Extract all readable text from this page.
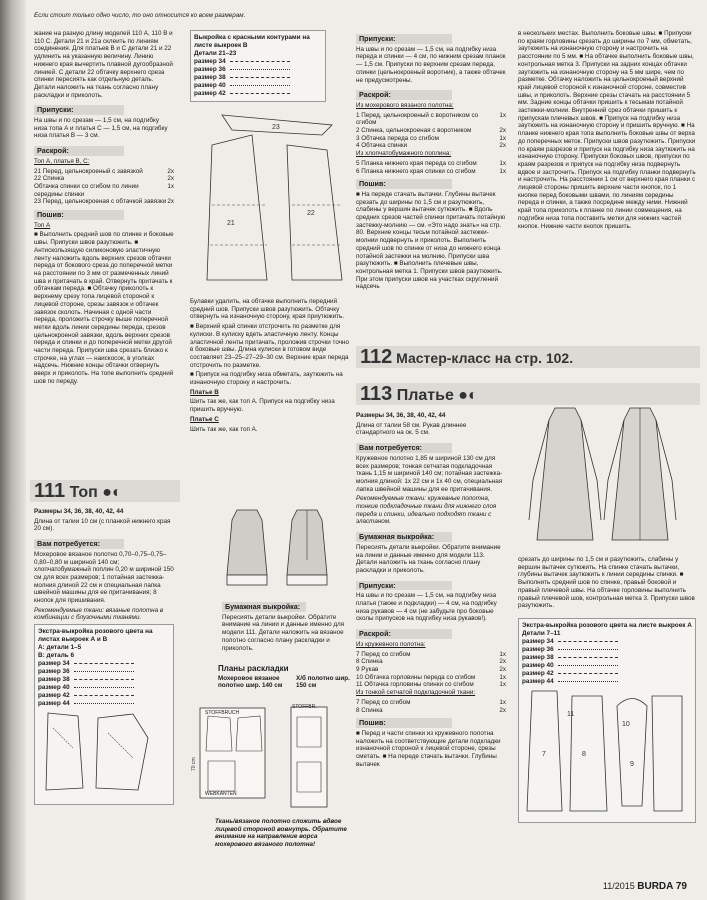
Если стоит только одно число, то оно относится ко всем размерам.

жание на разную длину моделей 110 А, 110 В и 110 С. Детали 21 и 21а склеить по линиям соединения. Для платьев В и С детали 21 и 22 удлинить на указанную величину. Линию нижнего края вычертить плавной дугообразной линией. С детали 22 обтачку верхнего среза спинки пересиять как отдельную деталь. Детали наложить на ткань согласно плану раскладки и приколоть.

Припуски:

На швы и по срезам — 1,5 см, на подгибку низа топа А и платья С — 1,5 см, на подгибку низа платья В — 3 см.

Раскрой:

Топ А, платья В, С:

21 Перед, цельнокроеный с завязкой	2x
22 Спинка	2x
Обтачка спинки со сгибом по линии середины спинки
1x
23 Перед, цельнокроеная с обтачкой завязки 2x
Пошив:

Топ А

■ Выполнить средний шов по спинке и боковые швы. Припуски швов разутюжить. ■ Антискользящую силиконовую эластичную ленту наложить вдоль верхних срезов обтачки переда от бокового среза до поперечной метки на расстоянии по 3 мм от размеченных линий шва и притачать в край. Отвернуть притачать к обтачкам переда. ■ Обтачку приколоть к верхнему срезу топа лицевой стороной к лицевой стороне, срезы завязок и обтачек завязок сколоть. Начиная с одной части переда, проложить строчку выше поперечной метки вдоль линии середины переда, срезов цельнокроеной завязки, вдоль верхних срезов переда и спинки и до поперечной метки другой части переда. Припуски шва срезать близко к строчке, на углах — наискосок, в уголках надсечь. Нижние концы обтачки отвернуть вверх и приколоть. На топе выполнить средний шов по переду.

111 Топ ●◐

Размеры 34, 36, 38, 40, 42, 44

Длина от талии 10 см (с планкой нижнего края 20 см).

Вам потребуется:

Мохеровое вязаное полотно 0,70–0,75–0,75–0,80–0,80 м шириной 140 см; хлопчатобумажный поплин 0,20 м шириной 150 см для всех размеров; 1 потайная застежка-молния длиной 22 см и специальная лапка швейной машины для ее притачивания; 8 кнопок для пришивания.

Рекомендуемые ткани: вязаные полотна в комбинации с блузочными тканями.

Экстра-выкройка розового цвета на листах выкроек А и В
А: детали 1–5
В: деталь 6
размер 34
размер 36
размер 38
размер 40
размер 42
размер 44
Выкройка с красными контурами на листе выкроек В
Детали 21–23
размер 34
размер 36
размер 38
размер 40
размер 42
23
21
22

Булавки удалить, на обтачке выполнить передний средний шов. Припуски швов разутюжить. Обтачку отвернуть на изнаночную сторону, края приутюжить.

■ Верхний край спинки отстрочить по разметке для кулиски. В кулиску вдеть эластичную ленту. Концы эластичной ленты притачать, проложив строчки точно в боковые швы. Длина кулиски в готовом виде составляет 23–25–27–29–30 см. Верхние края переда отстрочить по разметке.

■ Припуск на подгибку низа обметать, заутюжить на изнаночную сторону и настрочить.

Платье В

Шить так же, как топ А. Припуск на подгибку низа пришить вручную.

Платье С

Шить так же, как топ А.

Бумажная выкройка:

Пересиять детали выкройки. Обратите внимание на линии и данные именно для модели 111. Детали наложить на вязаное полотно согласно плану раскладки и приколоть.

Планы раскладки

Мохеровое вязаное полотно шир. 140 см

Х/б полотно шир. 150 см

70 cm
STOFFBRUCH
WEBKANTEN
STOFFBR.
Ткань/вязаное полотно сложить вдвое лицевой стороной вовнутрь. Обратите внимание на направление ворса мохерового вязаного полотна!
Припуски:

На швы и по срезам — 1,5 см, на подгибку низа переда и спинки — 4 см, по нижним срезам планок — 1,5 см. Припуски по верхним срезам переда, спинки (цельнокроеный воротник), а также обтачек не предусмотрены.

Раскрой:

Из мохерового вязаного полотна:

1 Перед, цельнокроеный с воротником со сгибом
1x
2 Спинка, цельнокроеная с воротником	2x
3 Обтачка переда со сгибом	1x
4 Обтачка спинки	2x

Из хлопчатобумажного поплина:

5 Планка нижнего края переда со сгибом	1x
6 Планка нижнего края спинки со сгибом	1x
Пошив:

■ На переде стачать вытачки. Глубины вытачек срезать до ширины по 1,5 см и разутюжить, слабины у вершин вытачек сутюжить. ■ Вдоль средних срезов частей спинки притачать потайную застежку-молнию — см. «Это надо знать» на стр. 80. Верхние концы тесьм потайной застежки-молнии подвернуть и приколоть. Выполнить средний шов по спинке от низа до нижнего конца потайной застежки на молнию. Припуски шва разутюжить. ■ Выполнить плечевые швы, контрольная метка 1. Припуски швов разутюжить. При этом припуски швов на участках скруглений надсечь

112 Мастер-класс на стр. 102.
113 Платье ●◐

Размеры 34, 36, 38, 40, 42, 44

Длина от талии 58 см. Рукав длиннее стандартного на ок. 5 см.

Вам потребуется:

Кружевное полотно 1,85 м шириной 130 см для всех размеров; тонкая сетчатая подкладочная ткань 1,15 м шириной 140 см; потайная застежка-молния длиной: 1х 22 см и 1х 40 см, специальная лапка швейной машины для ее притачивания.

Рекомендуемые ткани: кружевные полотна, тонкие подкладочные ткани для нижнего слоя переда и спинки, идеально подходят ткани с эластаном.

Бумажная выкройка:

Пересиять детали выкройки. Обратите внимание на линии и данные именно для модели 113. Детали наложить на ткань согласно плану раскладки и приколоть.

Припуски:

На швы и по срезам — 1,5 см, на подгибку низа платья (также и подкладки) — 4 см, на подгибку низа рукавов — 4 см (не забудьте про боковые сколы припусков на подгибку низа рукавов!).

Раскрой:

Из кружевного полотна:

7 Перед со сгибом	1x
8 Спинка	2x
9 Рукав	2x
10 Обтачка горловины переда со сгибом	1x
11 Обтачка горловины спинки со сгибом	1x

Из тонкой сетчатой подкладочной ткани:

7 Перед со сгибом	1x
8 Спинка	2x
Пошив:

■ Перед и части спинки из кружевного полотна наложить на соответствующие детали подкладки изнаночной стороной к лицевой стороне, срезы сметать. ■ На переде стачать вытачки. Глубины вытачек

в нескольких местах. Выполнить боковые швы. ■ Припуски по краям горловины срезать до ширины по 7 мм, обметать, заутюжить на изнаночную сторону и настрочить на расстоянии по 5 мм. ■ На обтачке выполнить боковые швы, контрольная метка 3. Припуски на задних концах обтачки заутюжить на изнаночную сторону на 5 мм шире, чем по разметке. Обтачку наложить на цельнокроеный верхний край лицевой стороной к изнаночной стороне, совместив швы, и приколоть. Верхние срезы стачать на расстоянии 5 мм. Задние концы обтачки пришить к тесьмам потайной застежки-молнии. Внутренний срез обтачки пришить к припускам плечевых швов. ■ Припуск на подгибку низа заутюжить на изнаночную сторону и пришить вручную. ■ На планке нижнего края топа выполнить боковые швы от верха до поперечных меток. Припуски швов разутюжить. Припуски по краям разрезов и припуск на подгибку низа заутюжить на изнаночную сторону. Припуски боковых швов, припуски по краям разрезов и припуск на подгибку низа подвернуть вдвое и застрочить. Припуск на подгибку планки подвернуть и настрочить. На расстоянии 1 см от верхнего края планки с лицевой стороны пришить верхние части кнопок, по 1 кнопке перед боковыми швами, по линиям середины переда и спинки, а также посредине между ними. Нижний край топа приколоть к планке по линии совмещения, на подгибке низа топа поставить метки для нижних частей кнопок. Нижние части кнопок пришить.

срезать до ширины по 1,5 см и разутюжить, слабины у вершин вытачек сутюжить. На спинке стачать вытачки, глубины вытачек заутюжить к линии середины спинки. ■ Выполнить средний шов по спинке, правый боковой и правый плечевой швы. На обтачке горловины выполнить правый плечевой шов, контрольная метка 3. Припуски швов разутюжить.

Экстра-выкройка розового цвета на листе выкроек А
Детали 7–11
размер 34
размер 36
размер 38
размер 40
размер 42
размер 44
11
10
7	8
9
11/2015 BURDA 79
